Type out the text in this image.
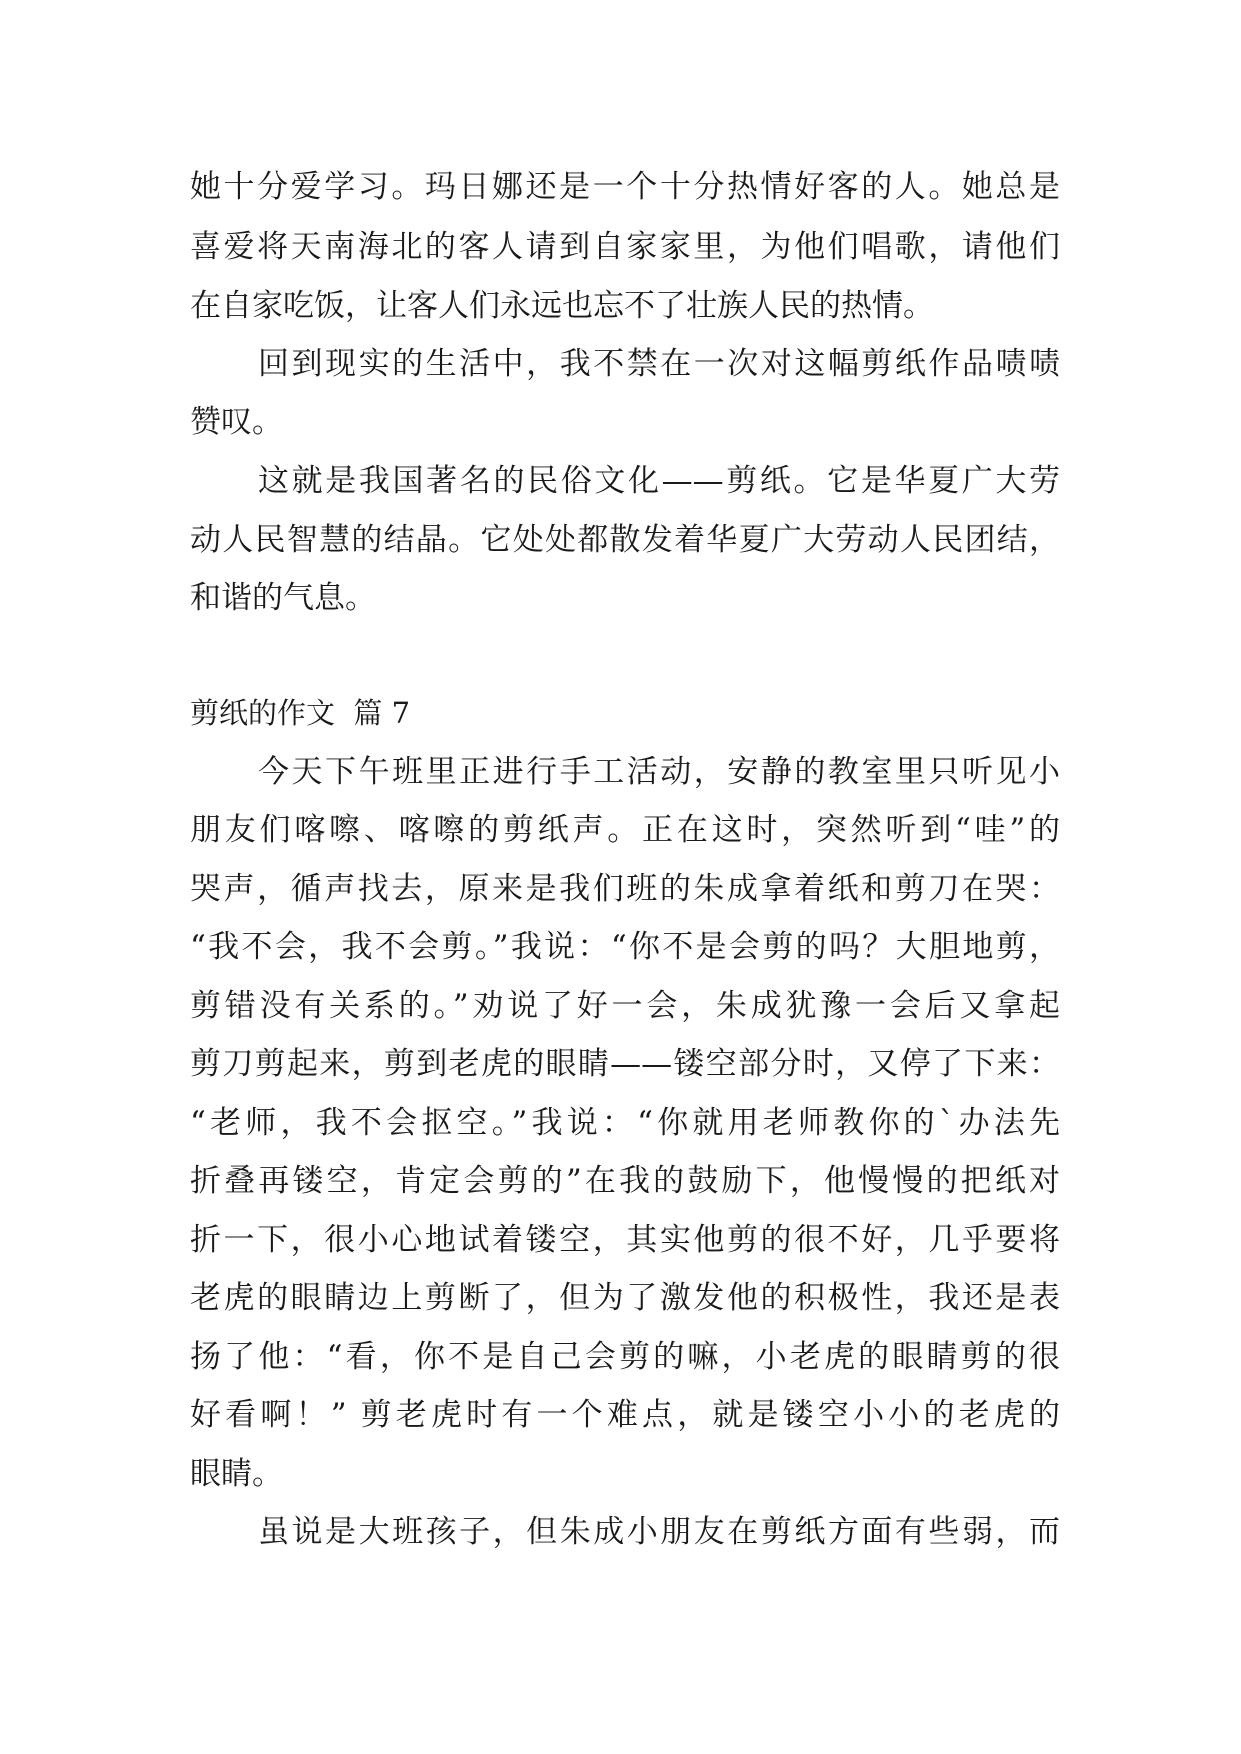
她十分爱学习。玛日娜还是一个十分热情好客的人。她总是
喜爱将天南海北的客人请到自家家里，为他们唱歌，请他们
在自家吃饭，让客人们永远也忘不了壮族人民的热情。
回到现实的生活中，我不禁在一次对这幅剪纸作品啧啧
赞叹。
这就是我国著名的民俗文化——剪纸。它是华夏广大劳
动人民智慧的结晶。它处处都散发着华夏广大劳动人民团结，
和谐的气息。
剪纸的作文  篇 7
今天下午班里正进行手工活动，安静的教室里只听见小
朋友们喀嚓、喀嚓的剪纸声。正在这时，突然听到“哇”的
哭声，循声找去，原来是我们班的朱成拿着纸和剪刀在哭：
“我不会，我不会剪。”我说：“你不是会剪的吗？大胆地剪，
剪错没有关系的。”劝说了好一会，朱成犹豫一会后又拿起
剪刀剪起来，剪到老虎的眼睛——镂空部分时，又停了下来：
“老师，我不会抠空。”我说：“你就用老师教你的`办法先
折叠再镂空，肯定会剪的”在我的鼓励下，他慢慢的把纸对
折一下，很小心地试着镂空，其实他剪的很不好，几乎要将
老虎的眼睛边上剪断了，但为了激发他的积极性，我还是表
扬了他：“看，你不是自己会剪的嘛，小老虎的眼睛剪的很
好看啊！” 剪老虎时有一个难点，就是镂空小小的老虎的
眼睛。
虽说是大班孩子，但朱成小朋友在剪纸方面有些弱，而
